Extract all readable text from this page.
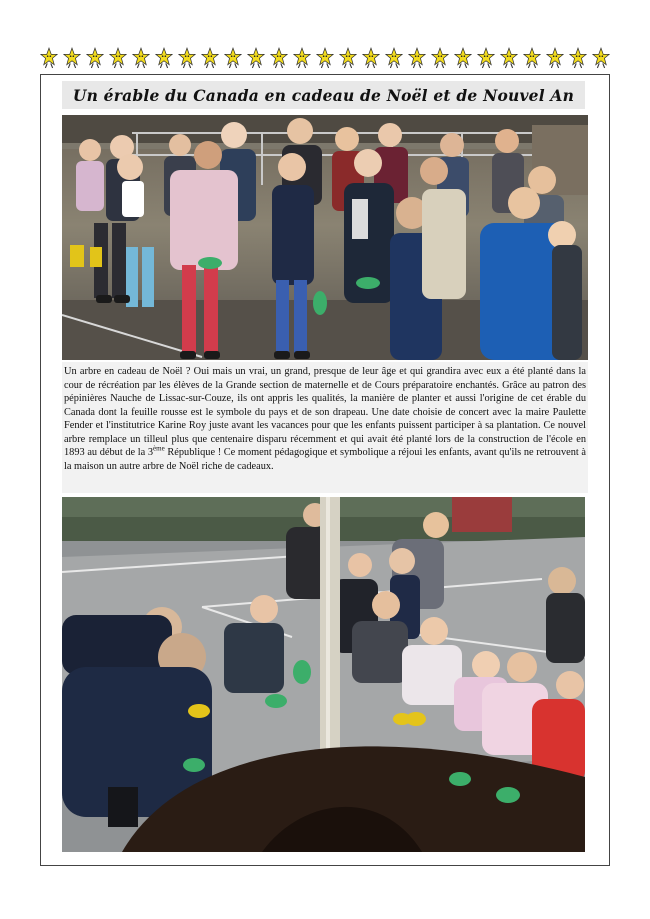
Un érable du Canada en cadeau de Noël et de Nouvel An

Un arbre en cadeau de Noël ? Oui mais un vrai, un grand, presque de leur âge et qui grandira avec eux a été planté dans la cour de récréation par les élèves de la Grande section de maternelle et de Cours préparatoire enchantés. Grâce au patron des pépinières Nauche de Lissac-sur-Couze, ils ont appris les qualités, la manière de planter et aussi l'origine de cet érable du Canada dont la feuille rousse est le symbole du pays et de son drapeau. Une date choisie de concert avec la maire Paulette Fender et l'institutrice Karine Roy juste avant les vacances pour que les enfants puissent participer à sa plantation. Ce nouvel arbre remplace un tilleul plus que centenaire disparu récemment et qui avait été planté lors de la construction de l'école en 1893 au début de la 3ème République ! Ce moment pédagogique et symbolique a réjoui les enfants, avant qu'ils ne retrouvent à la maison un autre arbre de Noël riche de cadeaux.
